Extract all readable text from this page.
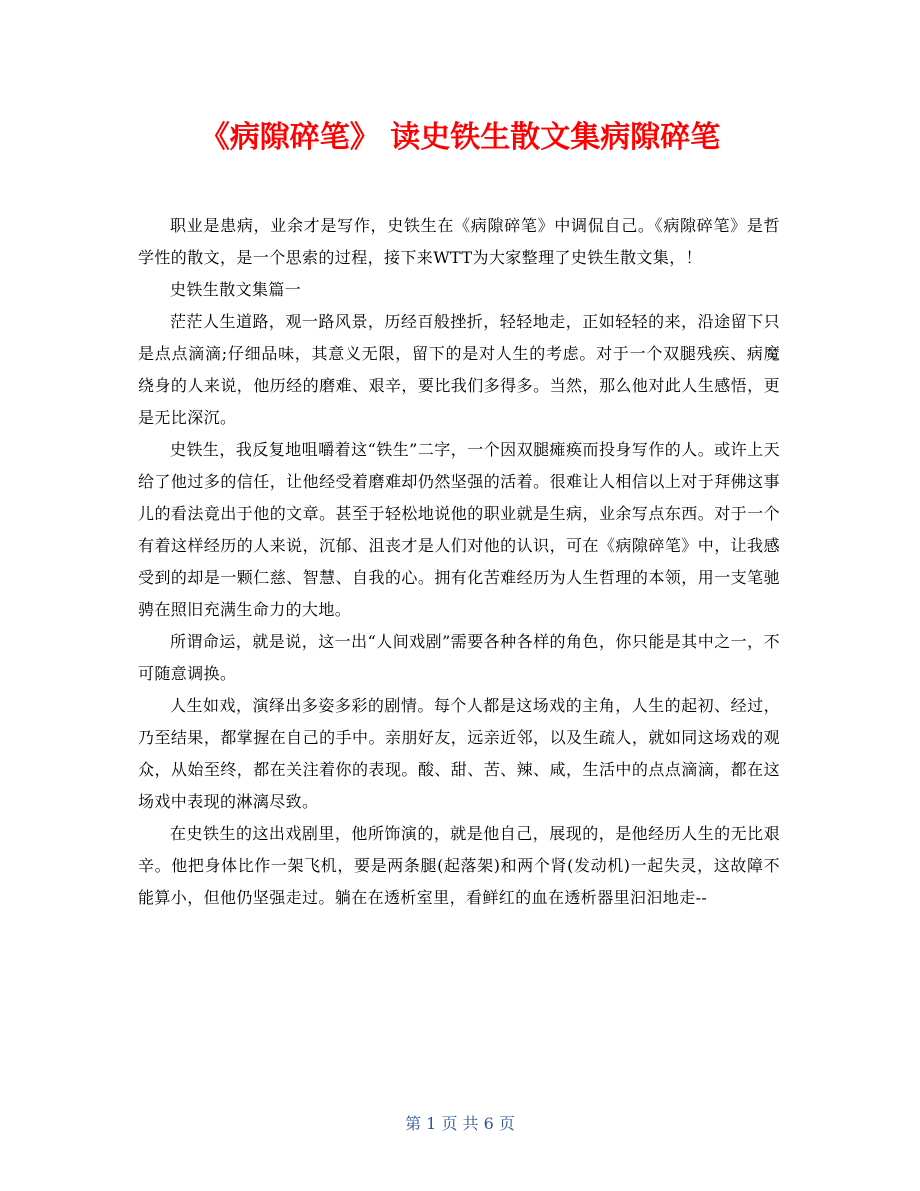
《病隙碎笔》 读史铁生散文集病隙碎笔

职业是患病，业余才是写作，史铁生在《病隙碎笔》中调侃自己。《病隙碎笔》是哲学性的散文，是一个思索的过程，接下来WTT为大家整理了史铁生散文集，！

史铁生散文集篇一

茫茫人生道路，观一路风景，历经百般挫折，轻轻地走，正如轻轻的来，沿途留下只是点点滴滴;仔细品味，其意义无限，留下的是对人生的考虑。对于一个双腿残疾、病魔绕身的人来说，他历经的磨难、艰辛，要比我们多得多。当然，那么他对此人生感悟，更是无比深沉。

史铁生，我反复地咀嚼着这“铁生”二字，一个因双腿瘫痪而投身写作的人。或许上天给了他过多的信任，让他经受着磨难却仍然坚强的活着。很难让人相信以上对于拜佛这事儿的看法竟出于他的文章。甚至于轻松地说他的职业就是生病，业余写点东西。对于一个有着这样经历的人来说，沉郁、沮丧才是人们对他的认识，可在《病隙碎笔》中，让我感受到的却是一颗仁慈、智慧、自我的心。拥有化苦难经历为人生哲理的本领，用一支笔驰骋在照旧充满生命力的大地。

所谓命运，就是说，这一出“人间戏剧”需要各种各样的角色，你只能是其中之一，不可随意调换。

人生如戏，演绎出多姿多彩的剧情。每个人都是这场戏的主角，人生的起初、经过，乃至结果，都掌握在自己的手中。亲朋好友，远亲近邻，以及生疏人，就如同这场戏的观众，从始至终，都在关注着你的表现。酸、甜、苦、辣、咸，生活中的点点滴滴，都在这场戏中表现的淋漓尽致。

在史铁生的这出戏剧里，他所饰演的，就是他自己，展现的，是他经历人生的无比艰辛。他把身体比作一架飞机，要是两条腿(起落架)和两个肾(发动机)一起失灵，这故障不能算小，但他仍坚强走过。躺在在透析室里，看鲜红的血在透析器里汩汩地走--

第 1 页 共 6 页
